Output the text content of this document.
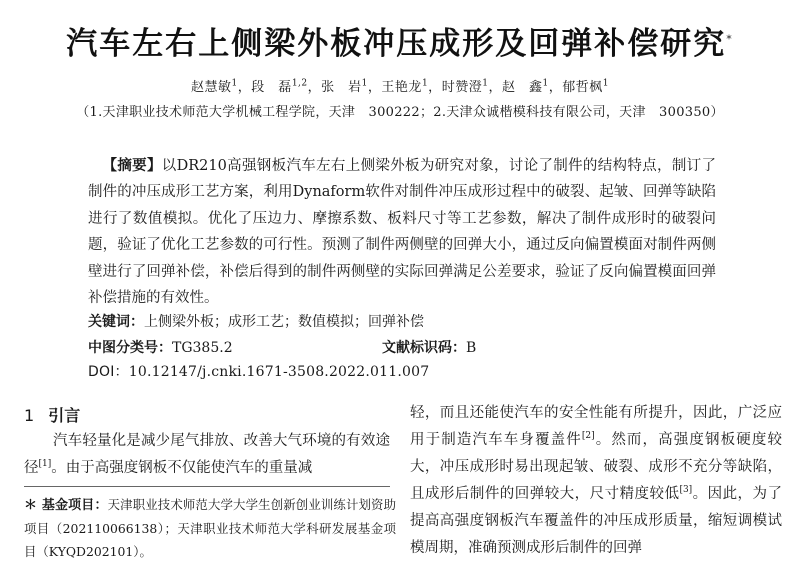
汽车左右上侧梁外板冲压成形及回弹补偿研究*
赵慧敏$^1$，段　磊$^{1,2}$，张　岩$^1$，王艳龙$^1$，时赞澄$^1$，赵　鑫$^1$，郁哲枫$^1$
（1.天津职业技术师范大学机械工程学院，天津　300222；2.天津众诚楷模科技有限公司，天津　300350）
【摘要】以DR210高强钢板汽车左右上侧梁外板为研究对象，讨论了制件的结构特点，制订了制件的冲压成形工艺方案，利用Dynaform软件对制件冲压成形过程中的破裂、起皱、回弹等缺陷进行了数值模拟。优化了压边力、摩擦系数、板料尺寸等工艺参数，解决了制件成形时的破裂问题，验证了优化工艺参数的可行性。预测了制件两侧壁的回弹大小，通过反向偏置模面对制件两侧壁进行了回弹补偿，补偿后得到的制件两侧壁的实际回弹满足公差要求，验证了反向偏置模面回弹补偿措施的有效性。
关键词：上侧梁外板；成形工艺；数值模拟；回弹补偿
中图分类号：TG385.2	文献标识码：B
DOI：10.12147/j.cnki.1671-3508.2022.011.007
1 引言
汽车轻量化是减少尾气排放、改善大气环境的有效途径[1]。由于高强度钢板不仅能使汽车的重量减
＊ 基金项目：天津职业技术师范大学大学生创新创业训练计划资助项目（202110066138）；天津职业技术师范大学科研发展基金项目（KYQD202101）。
轻，而且还能使汽车的安全性能有所提升，因此，广泛应用于制造汽车车身覆盖件[2]。然而，高强度钢板硬度较大，冲压成形时易出现起皱、破裂、成形不充分等缺陷，且成形后制件的回弹较大，尺寸精度较低[3]。因此，为了提高高强度钢板汽车覆盖件的冲压成形质量，缩短调模试模周期，准确预测成形后制件的回弹
